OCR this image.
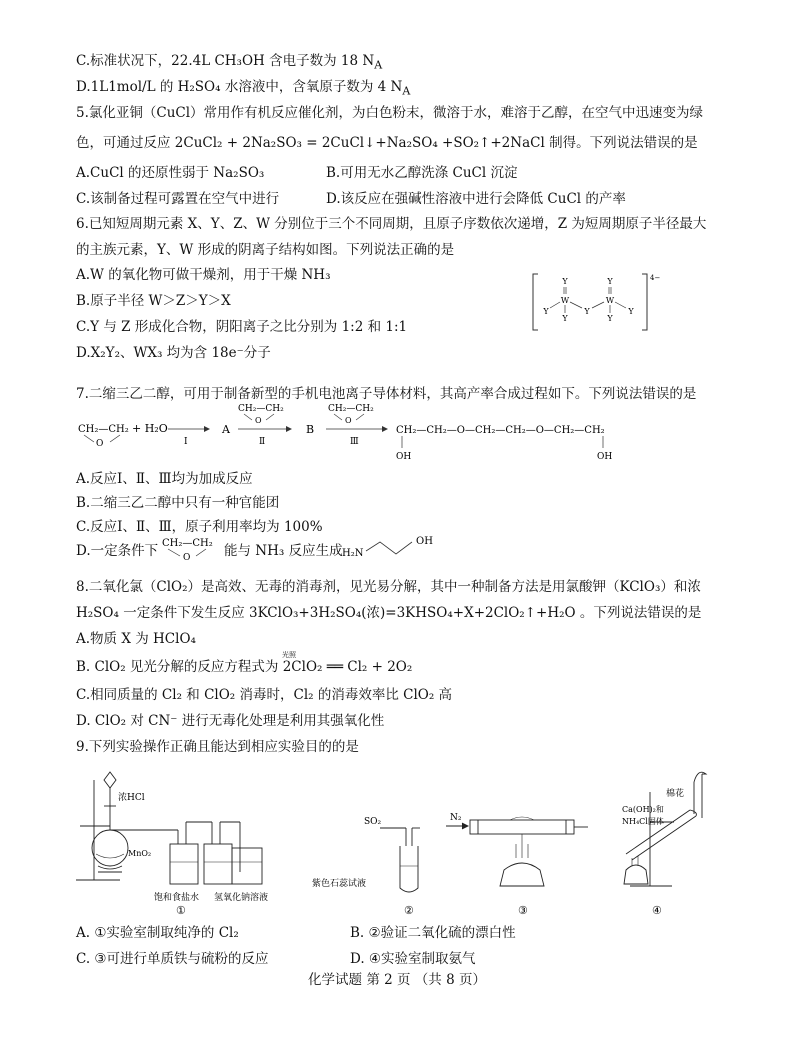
C.标准状况下，22.4L CH₃OH 含电子数为 18 $N_A$
D.1L1mol/L 的 H₂SO₄ 水溶液中，含氧原子数为 4 $N_A$
5.氯化亚铜（CuCl）常用作有机反应催化剂，为白色粉末，微溶于水，难溶于乙醇，在空气中迅速变为绿
色，可通过反应 2CuCl₂ + 2Na₂SO₃ = 2CuCl↓+Na₂SO₄ +SO₂↑+2NaCl 制得。下列说法错误的是
A.CuCl 的还原性弱于 Na₂SO₃	B.可用无水乙醇洗涤 CuCl 沉淀
C.该制备过程可露置在空气中进行	D.该反应在强碱性溶液中进行会降低 CuCl 的产率
6.已知短周期元素 X、Y、Z、W 分别位于三个不同周期，且原子序数依次递增，Z 为短周期原子半径最大
的主族元素，Y、W 形成的阴离子结构如图。下列说法正确的是
A.W 的氧化物可做干燥剂，用于干燥 NH₃
B.原子半径 W＞Z＞Y＞X
C.Y 与 Z 形成化合物，阴阳离子之比分别为 1:2 和 1:1
D.X₂Y₂、WX₃ 均为含 18e⁻分子
4−
Y
W
Y
Y	Y
Y
W
Y
Y
7.二缩三乙二醇，可用于制备新型的手机电池离子导体材料，其高产率合成过程如下。下列说法错误的是
CH₂—CH₂
O
+ H₂O
Ⅰ
A
CH₂—CH₂
O
Ⅱ
B
CH₂—CH₂
O
Ⅲ
CH₂—CH₂—O—CH₂—CH₂—O—CH₂—CH₂
OH	OH
A.反应Ⅰ、Ⅱ、Ⅲ均为加成反应
B.二缩三乙二醇中只有一种官能团
C.反应Ⅰ、Ⅱ、Ⅲ，原子利用率均为 100%
D.一定条件下 CH₂—CH₂
O 能与 NH₃ 反应生成 H₂N
OH
8.二氧化氯（ClO₂）是高效、无毒的消毒剂，见光易分解，其中一种制备方法是用氯酸钾（KClO₃）和浓
H₂SO₄ 一定条件下发生反应 3KClO₃+3H₂SO₄(浓)=3KHSO₄+X+2ClO₂↑+H₂O 。下列说法错误的是
A.物质 X 为 HClO₄
光照
B. ClO₂ 见光分解的反应方程式为 2ClO₂ ══ Cl₂ + 2O₂
C.相同质量的 Cl₂ 和 ClO₂ 消毒时，Cl₂ 的消毒效率比 ClO₂ 高
D. ClO₂ 对 CN⁻ 进行无毒化处理是利用其强氧化性
9.下列实验操作正确且能达到相应实验目的的是
浓HCl
MnO₂
饱和食盐水 氢氧化钠溶液
①
SO₂
紫色石蕊试液
②
N₂
③
Ca(OH)₂和
NH₄Cl固体
棉花
④
A. ①实验室制取纯净的 Cl₂	B. ②验证二氧化硫的漂白性
C. ③可进行单质铁与硫粉的反应	D. ④实验室制取氨气
化学试题 第 2 页 （共 8 页）
